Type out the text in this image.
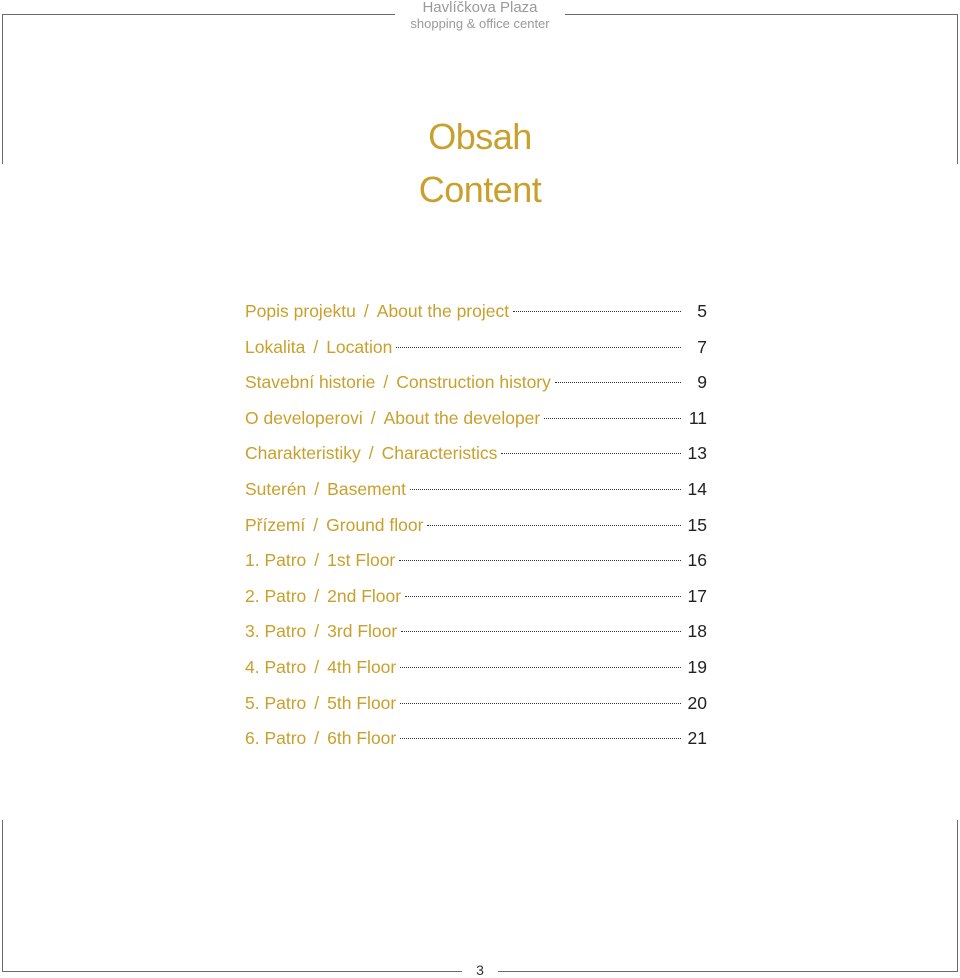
Havlíčkova Plaza
shopping & office center
Obsah
Content
Popis projektu / About the project	5
Lokalita / Location	7
Stavební historie / Construction history	9
O developerovi / About the developer	11
Charakteristiky / Characteristics	13
Suterén / Basement	14
Přízemí / Ground floor	15
1. Patro / 1st Floor	16
2. Patro / 2nd Floor	17
3. Patro / 3rd Floor	18
4. Patro / 4th Floor	19
5. Patro / 5th Floor	20
6. Patro / 6th Floor	21
3
